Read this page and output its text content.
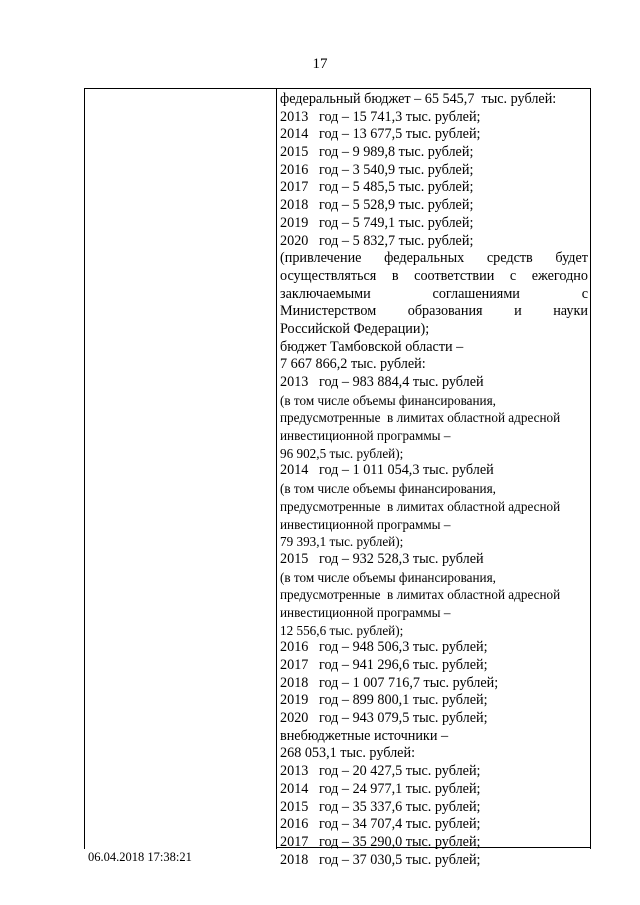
17
федеральный бюджет – 65 545,7  тыс. рублей:
2013   год – 15 741,3 тыс. рублей;
2014   год – 13 677,5 тыс. рублей;
2015   год – 9 989,8 тыс. рублей;
2016   год – 3 540,9 тыс. рублей;
2017   год – 5 485,5 тыс. рублей;
2018   год – 5 528,9 тыс. рублей;
2019   год – 5 749,1 тыс. рублей;
2020   год – 5 832,7 тыс. рублей;
(привлечение федеральных средств будет
осуществляться в соответствии с ежегодно
заключаемыми	соглашениями	с
Министерством образования и науки
Российской Федерации);
бюджет Тамбовской области –
7 667 866,2 тыс. рублей:
2013   год – 983 884,4 тыс. рублей
(в том числе объемы финансирования,
предусмотренные  в лимитах областной адресной
инвестиционной программы –
96 902,5 тыс. рублей);
2014   год – 1 011 054,3 тыс. рублей
(в том числе объемы финансирования,
предусмотренные  в лимитах областной адресной
инвестиционной программы –
79 393,1 тыс. рублей);
2015   год – 932 528,3 тыс. рублей
(в том числе объемы финансирования,
предусмотренные  в лимитах областной адресной
инвестиционной программы –
12 556,6 тыс. рублей);
2016   год – 948 506,3 тыс. рублей;
2017   год – 941 296,6 тыс. рублей;
2018   год – 1 007 716,7 тыс. рублей;
2019   год – 899 800,1 тыс. рублей;
2020   год – 943 079,5 тыс. рублей;
внебюджетные источники –
268 053,1 тыс. рублей:
2013   год – 20 427,5 тыс. рублей;
2014   год – 24 977,1 тыс. рублей;
2015   год – 35 337,6 тыс. рублей;
2016   год – 34 707,4 тыс. рублей;
2017   год – 35 290,0 тыс. рублей;
2018   год – 37 030,5 тыс. рублей;
06.04.2018 17:38:21
